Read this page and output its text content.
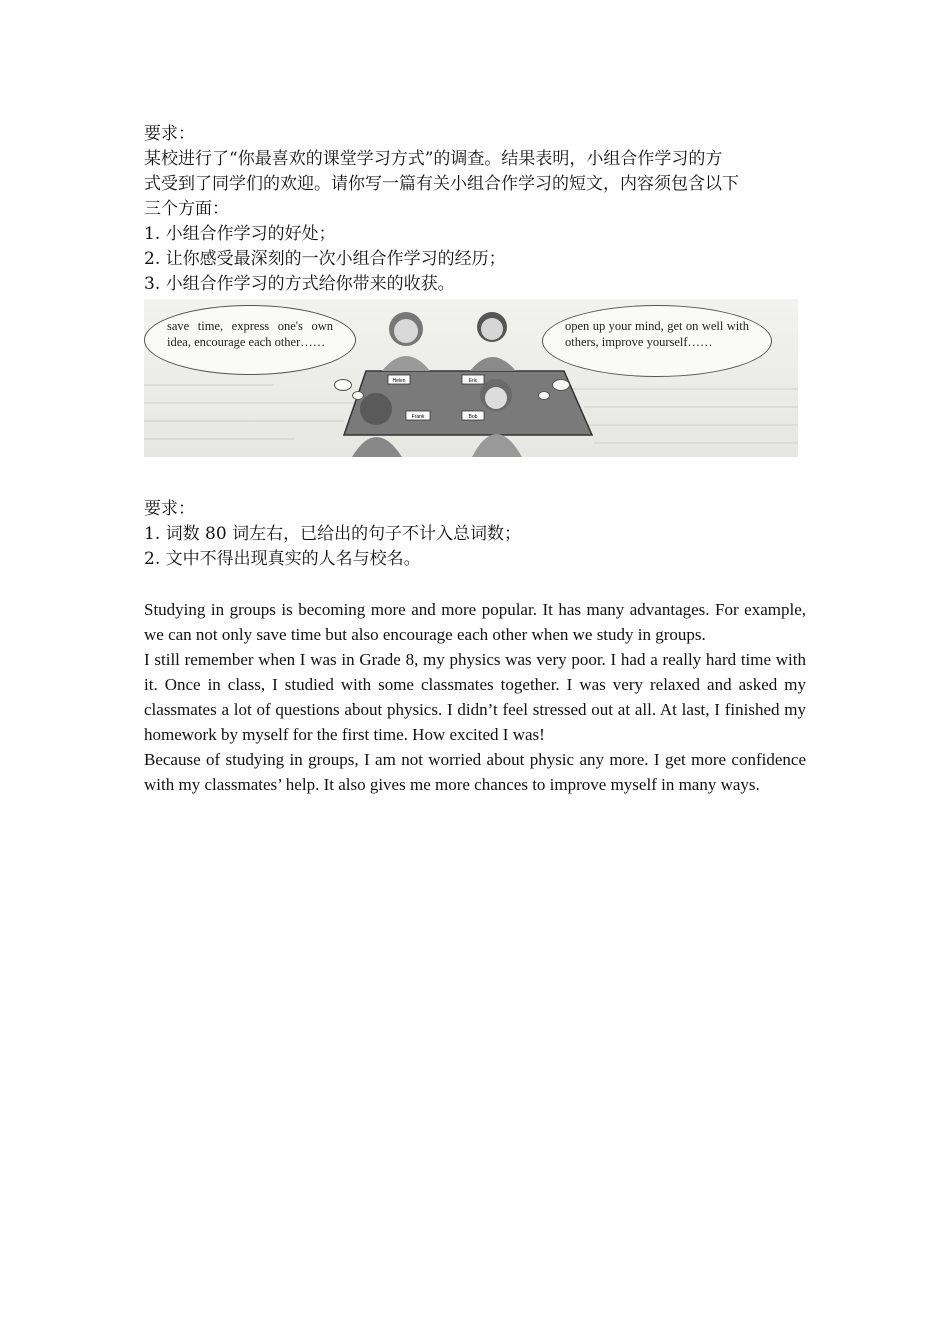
要求：
某校进行了“你最喜欢的课堂学习方式”的调查。结果表明，小组合作学习的方
式受到了同学们的欢迎。请你写一篇有关小组合作学习的短文，内容须包含以下
三个方面：
1. 小组合作学习的好处；
2. 让你感受最深刻的一次小组合作学习的经历；
3. 小组合作学习的方式给你带来的收获。
Helen	Eric
Frank	Bob
save time, express one's own idea, encourage each other……
open up your mind, get on well with others, improve yourself……
要求：
1. 词数 80 词左右，已给出的句子不计入总词数；
2. 文中不得出现真实的人名与校名。
Studying in groups is becoming more and more popular. It has many advantages. For example, we can not only save time but also encourage each other when we study in groups.
I still remember when I was in Grade 8, my physics was very poor. I had a really hard time with it. Once in class, I studied with some classmates together. I was very relaxed and asked my classmates a lot of questions about physics. I didn’t feel stressed out at all. At last, I finished my homework by myself for the first time. How excited I was!
Because of studying in groups, I am not worried about physic any more. I get more confidence with my classmates’ help. It also gives me more chances to improve myself in many ways.
